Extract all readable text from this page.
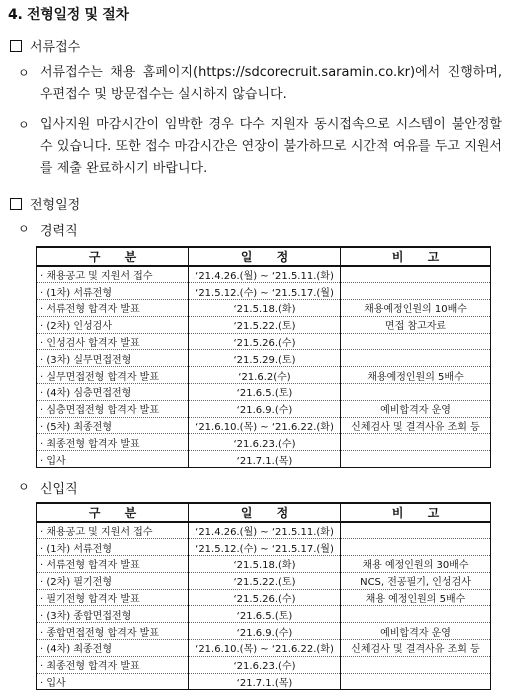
4. 전형일정 및 절차
서류접수
ㅇ 서류접수는 채용 홈페이지(https://sdcorecruit.saramin.co.kr)에서 진행하며, 우편접수 및 방문접수는 실시하지 않습니다.
ㅇ 입사지원 마감시간이 임박한 경우 다수 지원자 동시접속으로 시스템이 불안정할 수 있습니다. 또한 접수 마감시간은 연장이 불가하므로 시간적 여유를 두고 지원서를 제출 완료하시기 바랍니다.
전형일정
ㅇ 경력직
구 분	일 정	비 고
· 채용공고 및 지원서 접수	‘21.4.26.(월) ~ ‘21.5.11.(화)	
· (1차) 서류전형	‘21.5.12.(수) ~ ‘21.5.17.(월)	
· 서류전형 합격자 발표	‘21.5.18.(화)	채용예정인원의 10배수
· (2차) 인성검사	‘21.5.22.(토)	면접 참고자료
· 인성검사 합격자 발표	‘21.5.26.(수)	
· (3차) 실무면접전형	‘21.5.29.(토)	
· 실무면접전형 합격자 발표	‘21.6.2(수)	채용예정인원의 5배수
· (4차) 심층면접전형	‘21.6.5.(토)	
· 심층면접전형 합격자 발표	‘21.6.9.(수)	예비합격자 운영
· (5차) 최종전형	‘21.6.10.(목) ~ ‘21.6.22.(화)	신체검사 및 결격사유 조회 등
· 최종전형 합격자 발표	‘21.6.23.(수)	
· 입사	‘21.7.1.(목)	
ㅇ 신입직
구 분	일 정	비 고
· 채용공고 및 지원서 접수	‘21.4.26.(월) ~ ‘21.5.11.(화)	
· (1차) 서류전형	‘21.5.12.(수) ~ ‘21.5.17.(월)	
· 서류전형 합격자 발표	‘21.5.18.(화)	채용 예정인원의 30배수
· (2차) 필기전형	‘21.5.22.(토)	NCS, 전공필기, 인성검사
· 필기전형 합격자 발표	‘21.5.26.(수)	채용 예정인원의 5배수
· (3차) 종합면접전형	‘21.6.5.(토)	
· 종합면접전형 합격자 발표	‘21.6.9.(수)	예비합격자 운영
· (4차) 최종전형	‘21.6.10.(목) ~ ‘21.6.22.(화)	신체검사 및 결격사유 조회 등
· 최종전형 합격자 발표	‘21.6.23.(수)	
· 입사	‘21.7.1.(목)	
